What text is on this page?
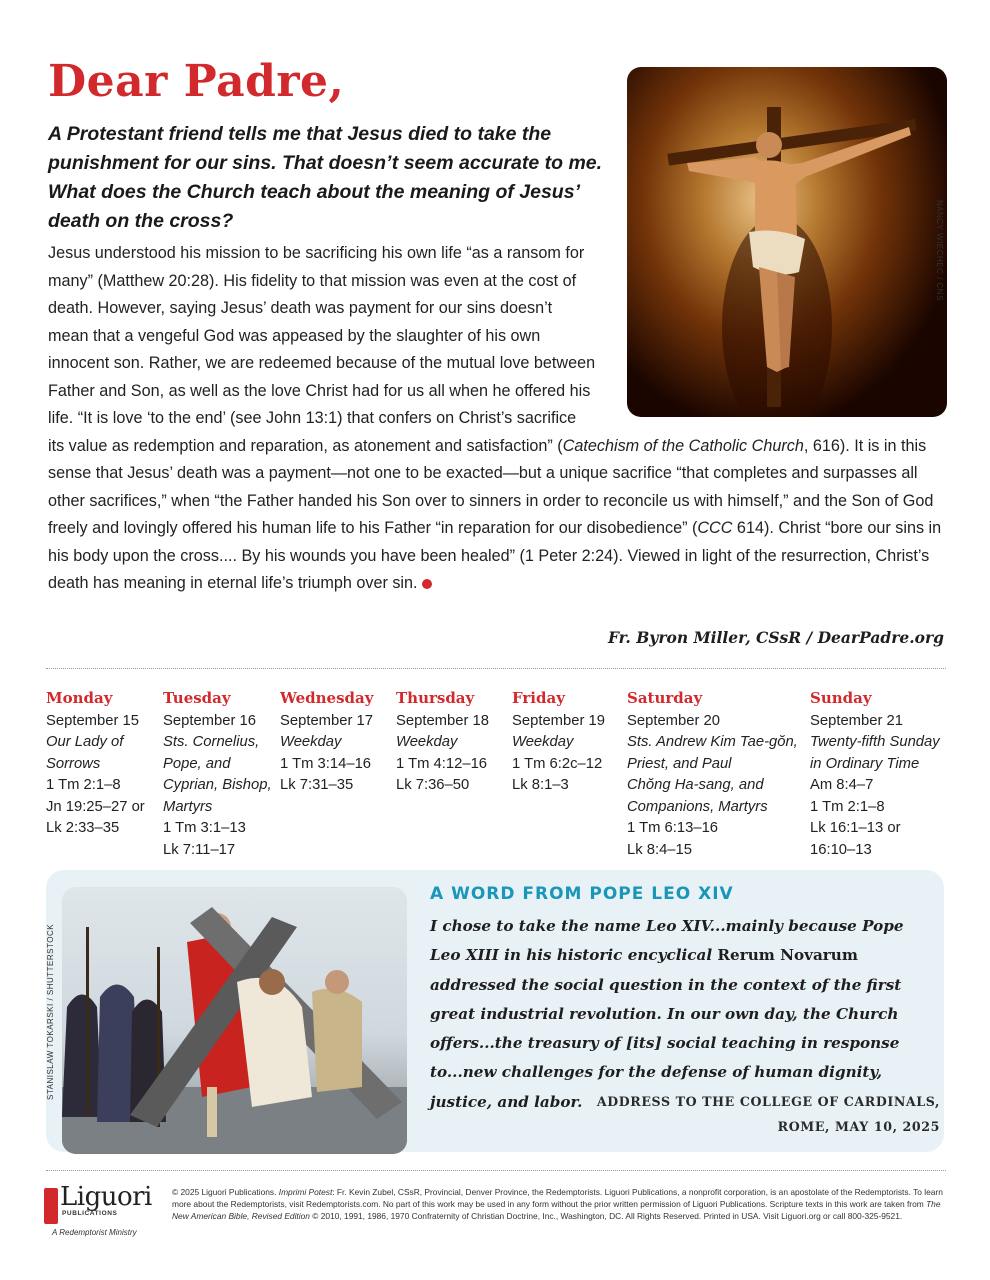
Dear Padre,

A Protestant friend tells me that Jesus died to take the punishment for our sins. That doesn’t seem accurate to me. What does the Church teach about the meaning of Jesus’ death on the cross?	NANCY WIECHEC / CNS
Jesus understood his mission to be sacrificing his own life “as a ransom for many” (Matthew 20:28). His fidelity to that mission was even at the cost of death. However, saying Jesus’ death was payment for our sins doesn’t mean that a vengeful God was appeased by the slaughter of his own innocent son. Rather, we are redeemed because of the mutual love between Father and Son, as well as the love Christ had for us all when he offered his life. “It is love ‘to the end’ (see John 13:1) that confers on Christ’s sacrifice its value as redemption and reparation, as atonement and satisfaction” (Catechism of the Catholic Church, 616). It is in this sense that Jesus’ death was a payment—not one to be exacted—but a unique sacrifice “that completes and surpasses all other sacrifices,” when “the Father handed his Son over to sinners in order to reconcile us with himself,” and the Son of God freely and lovingly offered his human life to his Father “in reparation for our disobedience” (CCC 614). Christ “bore our sins in his body upon the cross.... By his wounds you have been healed” (1 Peter 2:24). Viewed in light of the resurrection, Christ’s death has meaning in eternal life’s triumph over sin.

Fr. Byron Miller, CSsR / DearPadre.org

Monday
September 15
Our Lady of
Sorrows
1 Tm 2:1–8
Jn 19:25–27 or
Lk 2:33–35
Tuesday
September 16
Sts. Cornelius,
Pope, and
Cyprian, Bishop,
Martyrs
1 Tm 3:1–13
Lk 7:11–17
Wednesday
September 17
Weekday
1 Tm 3:14–16
Lk 7:31–35
Thursday
September 18
Weekday
1 Tm 4:12–16
Lk 7:36–50
Friday
September 19
Weekday
1 Tm 6:2c–12
Lk 8:1–3
Saturday
September 20
Sts. Andrew Kim Tae-gŏn,
Priest, and Paul
Chŏng Ha-sang, and
Companions, Martyrs
1 Tm 6:13–16
Lk 8:4–15
Sunday
September 21
Twenty-fifth Sunday
in Ordinary Time
Am 8:4–7
1 Tm 2:1–8
Lk 16:1–13 or
16:10–13
STANISLAW TOKARSKI / SHUTTERSTOCK
A WORD FROM POPE LEO XIV

I chose to take the name Leo XIV...mainly because Pope Leo XIII in his historic encyclical Rerum Novarum addressed the social question in the context of the first great industrial revolution. In our own day, the Church offers...the treasury of [its] social teaching in response to...new challenges for the defense of human dignity, justice, and labor.	ADDRESS TO THE COLLEGE OF CARDINALS,
ROME, MAY 10, 2025

Liguori

PUBLICATIONS
A Redemptorist Ministry

© 2025 Liguori Publications. Imprimi Potest: Fr. Kevin Zubel, CSsR, Provincial, Denver Province, the Redemptorists. Liguori Publications, a nonprofit corporation, is an apostolate of the Redemptorists. To learn more about the Redemptorists, visit Redemptorists.com. No part of this work may be used in any form without the prior written permission of Liguori Publications. Scripture texts in this work are taken from The New American Bible, Revised Edition © 2010, 1991, 1986, 1970 Confraternity of Christian Doctrine, Inc., Washington, DC. All Rights Reserved. Printed in USA. Visit Liguori.org or call 800-325-9521.
